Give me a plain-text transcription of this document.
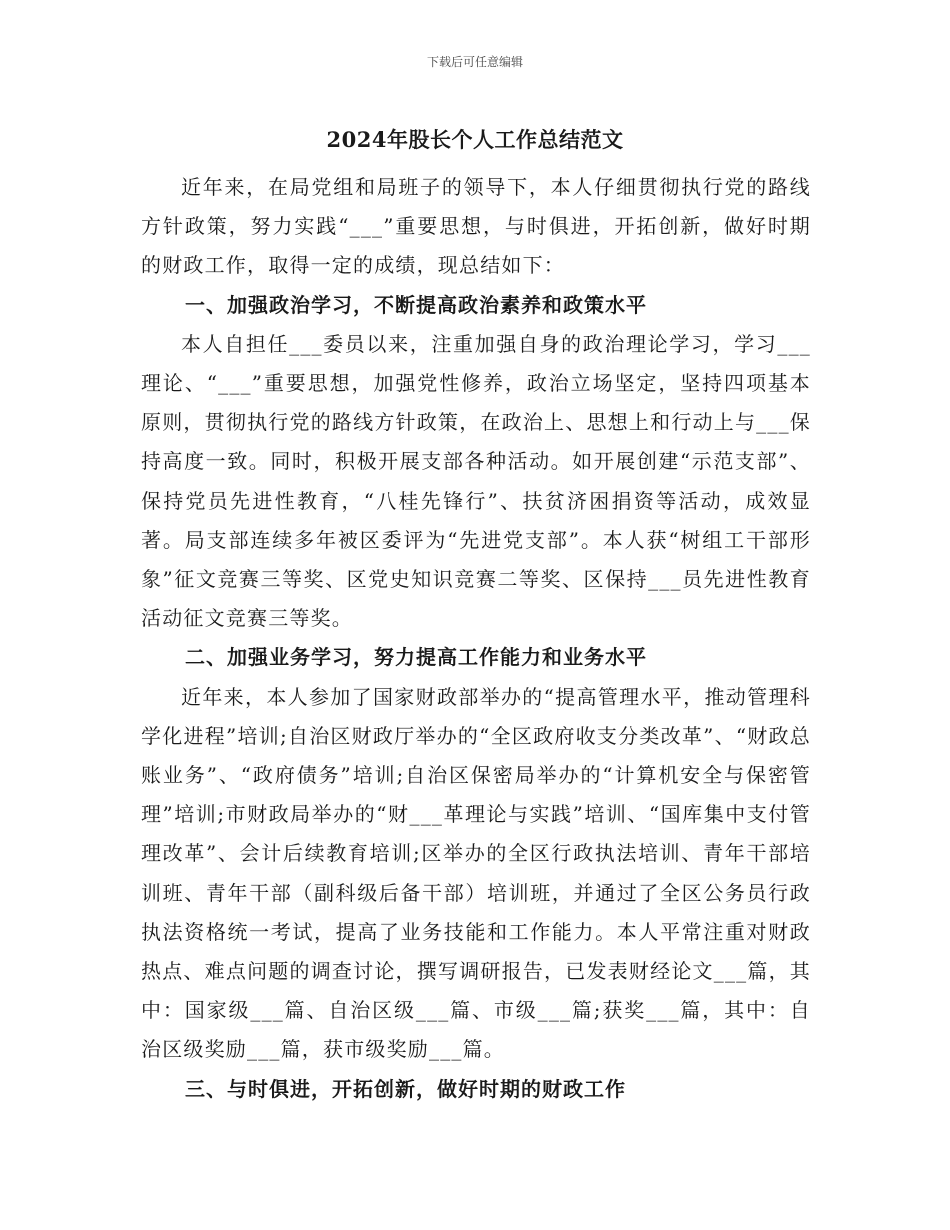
下载后可任意编辑
2024年股长个人工作总结范文

近年来，在局党组和局班子的领导下，本人仔细贯彻执行党的路线方针政策，努力实践“___”重要思想，与时俱进，开拓创新，做好时期的财政工作，取得一定的成绩，现总结如下：

一、加强政治学习，不断提高政治素养和政策水平

本人自担任___委员以来，注重加强自身的政治理论学习，学习___理论、“___”重要思想，加强党性修养，政治立场坚定，坚持四项基本原则，贯彻执行党的路线方针政策，在政治上、思想上和行动上与___保持高度一致。同时，积极开展支部各种活动。如开展创建“示范支部”、保持党员先进性教育，“八桂先锋行”、扶贫济困捐资等活动，成效显著。局支部连续多年被区委评为“先进党支部”。本人获“树组工干部形象”征文竞赛三等奖、区党史知识竞赛二等奖、区保持___员先进性教育活动征文竞赛三等奖。

二、加强业务学习，努力提高工作能力和业务水平

近年来，本人参加了国家财政部举办的“提高管理水平，推动管理科学化进程”培训;自治区财政厅举办的“全区政府收支分类改革”、“财政总账业务”、“政府债务”培训;自治区保密局举办的“计算机安全与保密管理”培训;市财政局举办的“财___革理论与实践”培训、“国库集中支付管理改革”、会计后续教育培训;区举办的全区行政执法培训、青年干部培训班、青年干部（副科级后备干部）培训班，并通过了全区公务员行政执法资格统一考试，提高了业务技能和工作能力。本人平常注重对财政热点、难点问题的调查讨论，撰写调研报告，已发表财经论文___篇，其中：国家级___篇、自治区级___篇、市级___篇;获奖___篇，其中：自治区级奖励___篇，获市级奖励___篇。

三、与时俱进，开拓创新，做好时期的财政工作
